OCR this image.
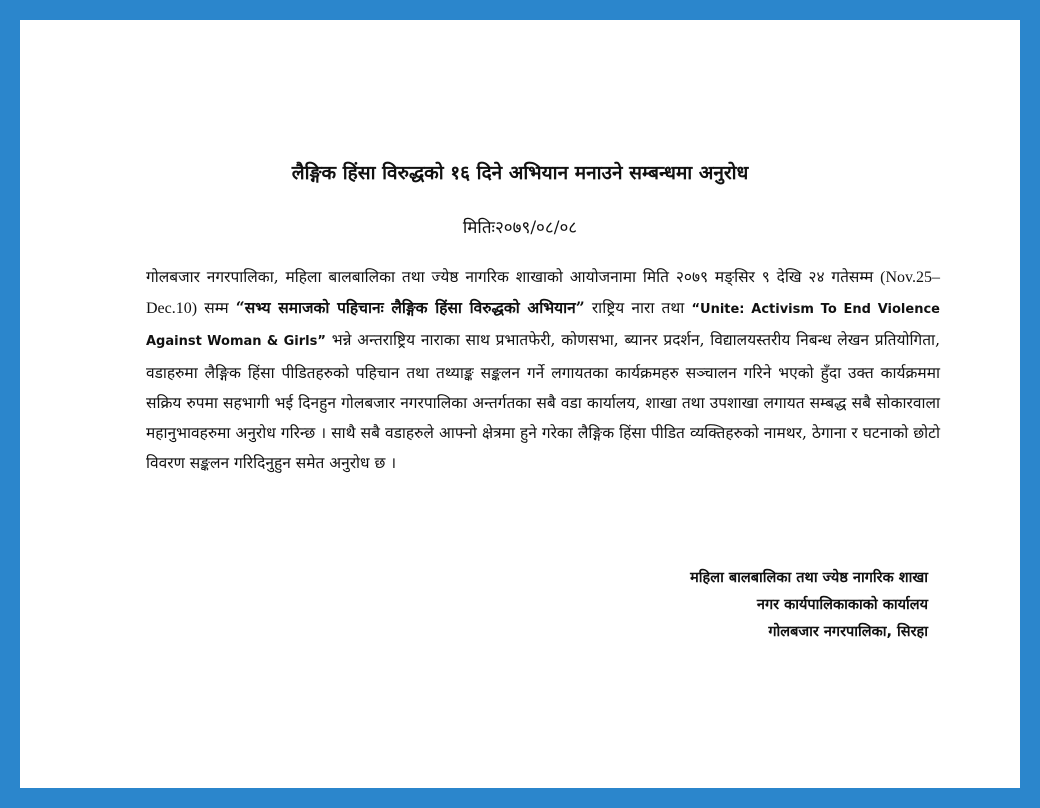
लैङ्गिक हिंसा विरुद्धको १६ दिने अभियान मनाउने सम्बन्धमा अनुरोध
मितिः२०७९/०८/०८
गोलबजार नगरपालिका, महिला बालबालिका तथा ज्येष्ठ नागरिक शाखाको आयोजनामा मिति २०७९ मङ्सिर ९ देखि २४ गतेसम्म (Nov.25–Dec.10) सम्म “सभ्य समाजको पहिचानः लैङ्गिक हिंसा विरुद्धको अभियान” राष्ट्रिय नारा तथा “Unite: Activism To End Violence Against Woman & Girls” भन्ने अन्तराष्ट्रिय नाराका साथ प्रभातफेरी, कोणसभा, ब्यानर प्रदर्शन, विद्यालयस्तरीय निबन्ध लेखन प्रतियोगिता, वडाहरुमा लैङ्गिक हिंसा पीडितहरुको पहिचान तथा तथ्याङ्क सङ्कलन गर्ने लगायतका कार्यक्रमहरु सञ्चालन गरिने भएको हुँदा उक्त कार्यक्रममा सक्रिय रुपमा सहभागी भई दिनहुन गोलबजार नगरपालिका अन्तर्गतका सबै वडा कार्यालय, शाखा तथा उपशाखा लगायत सम्बद्ध सबै सोकारवाला महानुभावहरुमा अनुरोध गरिन्छ । साथै सबै वडाहरुले आफ्नो क्षेत्रमा हुने गरेका लैङ्गिक हिंसा पीडित व्यक्तिहरुको नामथर, ठेगाना र घटनाको छोटो विवरण सङ्कलन गरिदिनुहुन समेत अनुरोध छ ।
महिला बालबालिका तथा ज्येष्ठ नागरिक शाखा
नगर कार्यपालिकाकाको कार्यालय
गोलबजार नगरपालिका, सिरहा
